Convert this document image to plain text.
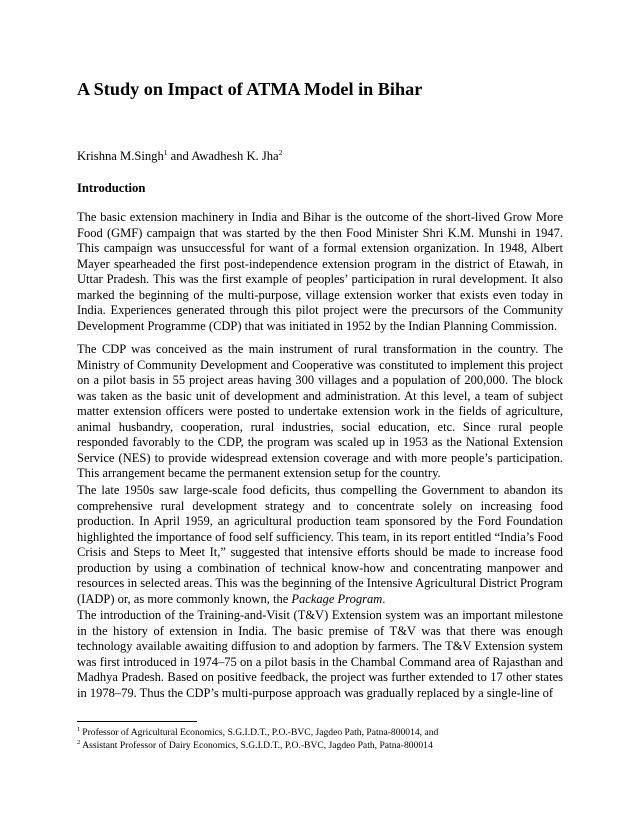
A Study on Impact of ATMA Model in Bihar
Krishna M.Singh$^1$ and Awadhesh K. Jha$^2$
Introduction

The basic extension machinery in India and Bihar is the outcome of the short-lived Grow More Food (GMF) campaign that was started by the then Food Minister Shri K.M. Munshi in 1947. This campaign was unsuccessful for want of a formal extension organization. In 1948, Albert Mayer spearheaded the first post-independence extension program in the district of Etawah, in Uttar Pradesh. This was the first example of peoples’ participation in rural development. It also marked the beginning of the multi-purpose, village extension worker that exists even today in India. Experiences generated through this pilot project were the precursors of the Community Development Programme (CDP) that was initiated in 1952 by the Indian Planning Commission.

The CDP was conceived as the main instrument of rural transformation in the country. The Ministry of Community Development and Cooperative was constituted to implement this project on a pilot basis in 55 project areas having 300 villages and a population of 200,000. The block was taken as the basic unit of development and administration. At this level, a team of subject matter extension officers were posted to undertake extension work in the fields of agriculture, animal husbandry, cooperation, rural industries, social education, etc. Since rural people responded favorably to the CDP, the program was scaled up in 1953 as the National Extension Service (NES) to provide widespread extension coverage and with more people’s participation. This arrangement became the permanent extension setup for the country.

The late 1950s saw large-scale food deficits, thus compelling the Government to abandon its comprehensive rural development strategy and to concentrate solely on increasing food production. In April 1959, an agricultural production team sponsored by the Ford Foundation highlighted the importance of food self sufficiency. This team, in its report entitled “India’s Food Crisis and Steps to Meet It,” suggested that intensive efforts should be made to increase food production by using a combination of technical know-how and concentrating manpower and resources in selected areas. This was the beginning of the Intensive Agricultural District Program (IADP) or, as more commonly known, the Package Program.

The introduction of the Training-and-Visit (T&V) Extension system was an important milestone in the history of extension in India. The basic premise of T&V was that there was enough technology available awaiting diffusion to and adoption by farmers. The T&V Extension system was first introduced in 1974–75 on a pilot basis in the Chambal Command area of Rajasthan and Madhya Pradesh. Based on positive feedback, the project was further extended to 17 other states in 1978–79. Thus the CDP’s multi-purpose approach was gradually replaced by a single-line of

$^1$ Professor of Agricultural Economics, S.G.I.D.T., P.O.-BVC, Jagdeo Path, Patna-800014, and

$^2$ Assistant Professor of Dairy Economics, S.G.I.D.T., P.O.-BVC, Jagdeo Path, Patna-800014
